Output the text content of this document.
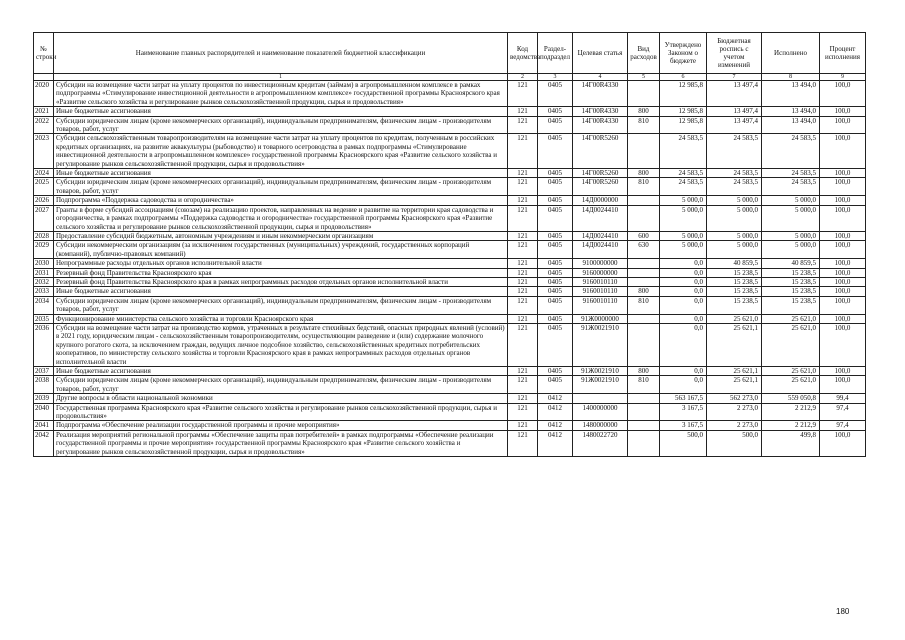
№ строки	Наименование главных распорядителей и наименование показателей бюджетной классификации	Код ведомства	Раздел-подраздел	Целевая статья	Вид расходов	Утверждено Законом о бюджете	Бюджетная роспись с учетом изменений	Исполнено	Процент исполнения
	1	2	3	4	5	6	7	8	9
2020	Субсидии на возмещение части затрат на уплату процентов по инвестиционным кредитам (займам) в агропромышленном комплексе в рамках подпрограммы «Стимулирование инвестиционной деятельности в агропромышленном комплексе» государственной программы Красноярского края «Развитие сельского хозяйства и регулирование рынков сельскохозяйственной продукции, сырья и продовольствия»	121	0405	14Г00R4330		12 985,8	13 497,4	13 494,0	100,0
2021	Иные бюджетные ассигнования	121	0405	14Г00R4330	800	12 985,8	13 497,4	13 494,0	100,0
2022	Субсидии юридическим лицам (кроме некоммерческих организаций), индивидуальным предпринимателям, физическим лицам - производителям товаров, работ, услуг	121	0405	14Г00R4330	810	12 985,8	13 497,4	13 494,0	100,0
2023	Субсидии сельскохозяйственным товаропроизводителям на возмещение части затрат на уплату процентов по кредитам, полученным в российских кредитных организациях, на развитие аквакультуры (рыбоводство) и товарного осетроводства в рамках подпрограммы «Стимулирование инвестиционной деятельности в агропромышленном комплексе» государственной программы Красноярского края «Развитие сельского хозяйства и регулирование рынков сельскохозяйственной продукции, сырья и продовольствия»	121	0405	14Г00R5260		24 583,5	24 583,5	24 583,5	100,0
2024	Иные бюджетные ассигнования	121	0405	14Г00R5260	800	24 583,5	24 583,5	24 583,5	100,0
2025	Субсидии юридическим лицам (кроме некоммерческих организаций), индивидуальным предпринимателям, физическим лицам - производителям товаров, работ, услуг	121	0405	14Г00R5260	810	24 583,5	24 583,5	24 583,5	100,0
2026	Подпрограмма «Поддержка садоводства и огородничества»	121	0405	14Д0000000		5 000,0	5 000,0	5 000,0	100,0
2027	Гранты в форме субсидий ассоциациям (союзам) на реализацию проектов, направленных на ведение и развитие на территории края садоводства и огородничества, в рамках подпрограммы «Поддержка садоводства и огородничества» государственной программы Красноярского края «Развитие сельского хозяйства и регулирование рынков сельскохозяйственной продукции, сырья и продовольствия»	121	0405	14Д0024410		5 000,0	5 000,0	5 000,0	100,0
2028	Предоставление субсидий бюджетным, автономным учреждениям и иным некоммерческим организациям	121	0405	14Д0024410	600	5 000,0	5 000,0	5 000,0	100,0
2029	Субсидии некоммерческим организациям (за исключением государственных (муниципальных) учреждений, государственных корпораций (компаний), публично-правовых компаний)	121	0405	14Д0024410	630	5 000,0	5 000,0	5 000,0	100,0
2030	Непрограммные расходы отдельных органов исполнительной власти	121	0405	9100000000		0,0	40 859,5	40 859,5	100,0
2031	Резервный фонд Правительства Красноярского края	121	0405	9160000000		0,0	15 238,5	15 238,5	100,0
2032	Резервный фонд Правительства Красноярского края в рамках непрограммных расходов отдельных органов исполнительной власти	121	0405	9160010110		0,0	15 238,5	15 238,5	100,0
2033	Иные бюджетные ассигнования	121	0405	9160010110	800	0,0	15 238,5	15 238,5	100,0
2034	Субсидии юридическим лицам (кроме некоммерческих организаций), индивидуальным предпринимателям, физическим лицам - производителям товаров, работ, услуг	121	0405	9160010110	810	0,0	15 238,5	15 238,5	100,0
2035	Функционирование министерства сельского хозяйства и торговли Красноярского края	121	0405	91Ж0000000		0,0	25 621,0	25 621,0	100,0
2036	Субсидии на возмещение части затрат на производство кормов, утраченных в результате стихийных бедствий, опасных природных явлений (условий) в 2021 году, юридическим лицам - сельскохозяйственным товаропроизводителям, осуществляющим разведение и (или) содержание молочного крупного рогатого скота, за исключением граждан, ведущих личное подсобное хозяйство, сельскохозяйственных кредитных потребительских кооперативов, по министерству сельского хозяйства и торговли Красноярского края в рамках непрограммных расходов отдельных органов исполнительной власти	121	0405	91Ж0021910		0,0	25 621,1	25 621,0	100,0
2037	Иные бюджетные ассигнования	121	0405	91Ж0021910	800	0,0	25 621,1	25 621,0	100,0
2038	Субсидии юридическим лицам (кроме некоммерческих организаций), индивидуальным предпринимателям, физическим лицам - производителям товаров, работ, услуг	121	0405	91Ж0021910	810	0,0	25 621,1	25 621,0	100,0
2039	Другие вопросы в области национальной экономики	121	0412			563 167,5	562 273,0	559 050,8	99,4
2040	Государственная программа Красноярского края «Развитие сельского хозяйства и регулирование рынков сельскохозяйственной продукции, сырья и продовольствия»	121	0412	1400000000		3 167,5	2 273,0	2 212,9	97,4
2041	Подпрограмма «Обеспечение реализации государственной программы и прочие мероприятия»	121	0412	1480000000		3 167,5	2 273,0	2 212,9	97,4
2042	Реализация мероприятий региональной программы «Обеспечение защиты прав потребителей» в рамках подпрограммы «Обеспечение реализации государственной программы и прочие мероприятия» государственной программы Красноярского края «Развитие сельского хозяйства и регулирование рынков сельскохозяйственной продукции, сырья и продовольствия»	121	0412	1480022720		500,0	500,0	499,8	100,0
180
